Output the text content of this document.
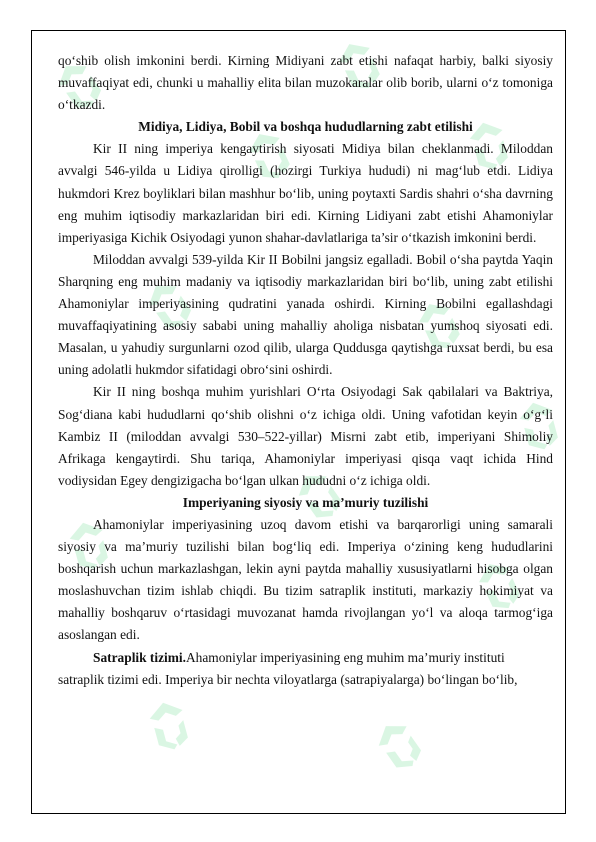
qo‘shib olish imkonini berdi. Kirning Midiyani zabt etishi nafaqat harbiy, balki siyosiy muvaffaqiyat edi, chunki u mahalliy elita bilan muzokaralar olib borib, ularni o‘z tomoniga o‘tkazdi.

Midiya, Lidiya, Bobil va boshqa hududlarning zabt etilishi

Kir II ning imperiya kengaytirish siyosati Midiya bilan cheklanmadi. Miloddan avvalgi 546-yilda u Lidiya qirolligi (hozirgi Turkiya hududi) ni mag‘lub etdi. Lidiya hukmdori Krez boyliklari bilan mashhur bo‘lib, uning poytaxti Sardis shahri o‘sha davrning eng muhim iqtisodiy markazlaridan biri edi. Kirning Lidiyani zabt etishi Ahamoniylar imperiyasiga Kichik Osiyodagi yunon shahar-davlatlariga ta’sir o‘tkazish imkonini berdi.

Miloddan avvalgi 539-yilda Kir II Bobilni jangsiz egalladi. Bobil o‘sha paytda Yaqin Sharqning eng muhim madaniy va iqtisodiy markazlaridan biri bo‘lib, uning zabt etilishi Ahamoniylar imperiyasining qudratini yanada oshirdi. Kirning Bobilni egallashdagi muvaffaqiyatining asosiy sababi uning mahalliy aholiga nisbatan yumshoq siyosati edi. Masalan, u yahudiy surgunlarni ozod qilib, ularga Quddusga qaytishga ruxsat berdi, bu esa uning adolatli hukmdor sifatidagi obro‘sini oshirdi.

Kir II ning boshqa muhim yurishlari O‘rta Osiyodagi Sak qabilalari va Baktriya, Sog‘diana kabi hududlarni qo‘shib olishni o‘z ichiga oldi. Uning vafotidan keyin o‘g‘li Kambiz II (miloddan avvalgi 530–522-yillar) Misrni zabt etib, imperiyani Shimoliy Afrikaga kengaytirdi. Shu tariqa, Ahamoniylar imperiyasi qisqa vaqt ichida Hind vodiysidan Egey dengizigacha bo‘lgan ulkan hududni o‘z ichiga oldi.

Imperiyaning siyosiy va ma’muriy tuzilishi

Ahamoniylar imperiyasining uzoq davom etishi va barqarorligi uning samarali siyosiy va ma’muriy tuzilishi bilan bog‘liq edi. Imperiya o‘zining keng hududlarini boshqarish uchun markazlashgan, lekin ayni paytda mahalliy xususiyatlarni hisobga olgan moslashuvchan tizim ishlab chiqdi. Bu tizim satraplik instituti, markaziy hokimiyat va mahalliy boshqaruv o‘rtasidagi muvozanat hamda rivojlangan yo‘l va aloqa tarmog‘iga asoslangan edi.

Satraplik tizimi.Ahamoniylar imperiyasining eng muhim ma’muriy instituti

satraplik tizimi edi. Imperiya bir nechta viloyatlarga (satrapiyalarga) bo‘lingan bo‘lib,
